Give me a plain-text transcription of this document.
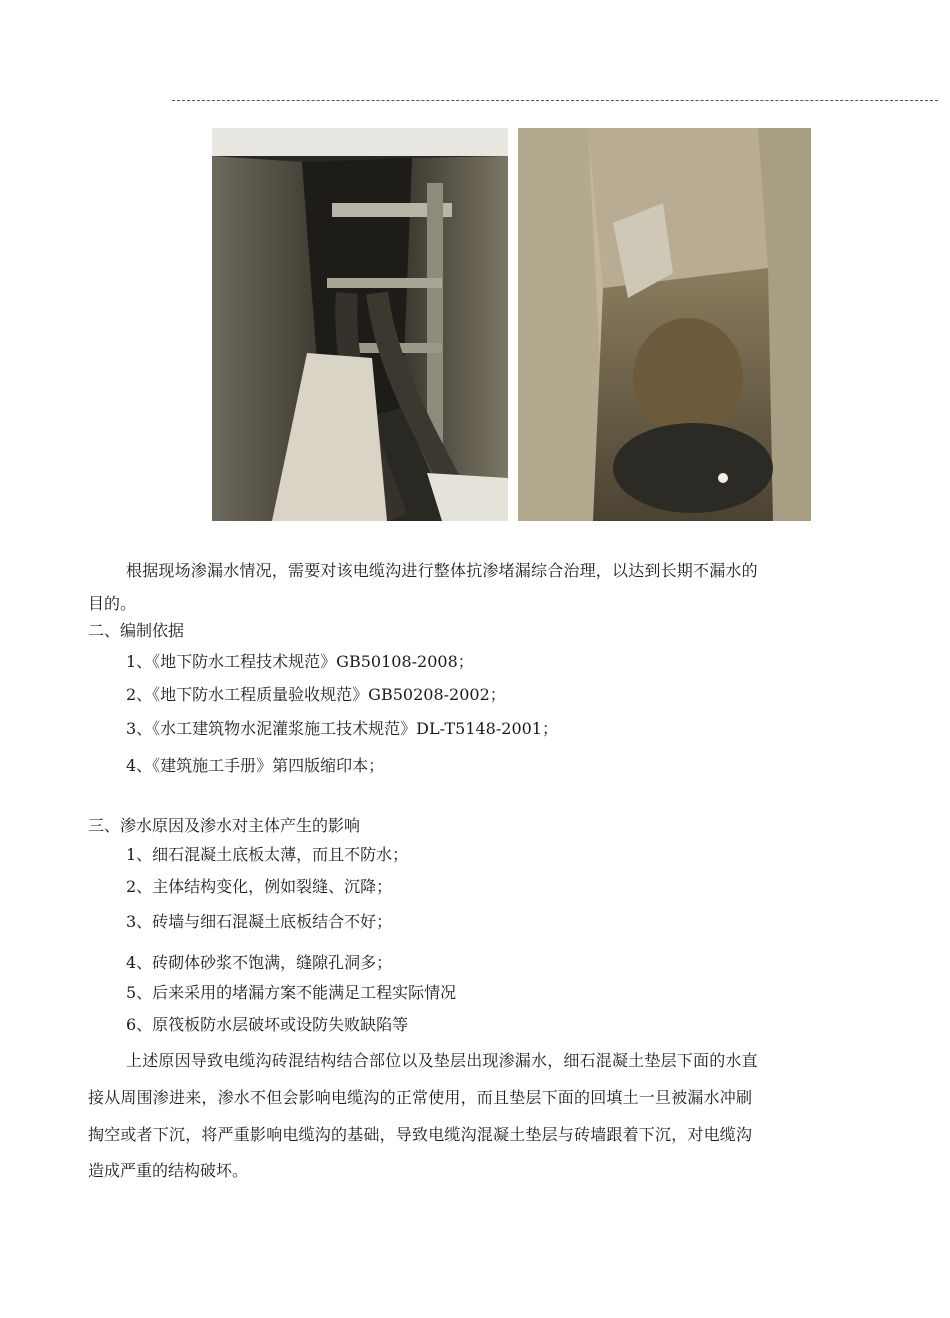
根据现场渗漏水情况，需要对该电缆沟进行整体抗渗堵漏综合治理，以达到长期不漏水的
目的。
二、编制依据
1、《地下防水工程技术规范》GB50108-2008；
2、《地下防水工程质量验收规范》GB50208-2002；
3、《水工建筑物水泥灌浆施工技术规范》DL-T5148-2001；
4、《建筑施工手册》第四版缩印本；
三、渗水原因及渗水对主体产生的影响
1、细石混凝土底板太薄，而且不防水；
2、主体结构变化，例如裂缝、沉降；
3、砖墙与细石混凝土底板结合不好；
4、砖砌体砂浆不饱满，缝隙孔洞多；
5、后来采用的堵漏方案不能满足工程实际情况
6、原筏板防水层破坏或设防失败缺陷等
上述原因导致电缆沟砖混结构结合部位以及垫层出现渗漏水，细石混凝土垫层下面的水直
接从周围渗进来，渗水不但会影响电缆沟的正常使用，而且垫层下面的回填土一旦被漏水冲刷
掏空或者下沉，将严重影响电缆沟的基础，导致电缆沟混凝土垫层与砖墙跟着下沉，对电缆沟
造成严重的结构破坏。
